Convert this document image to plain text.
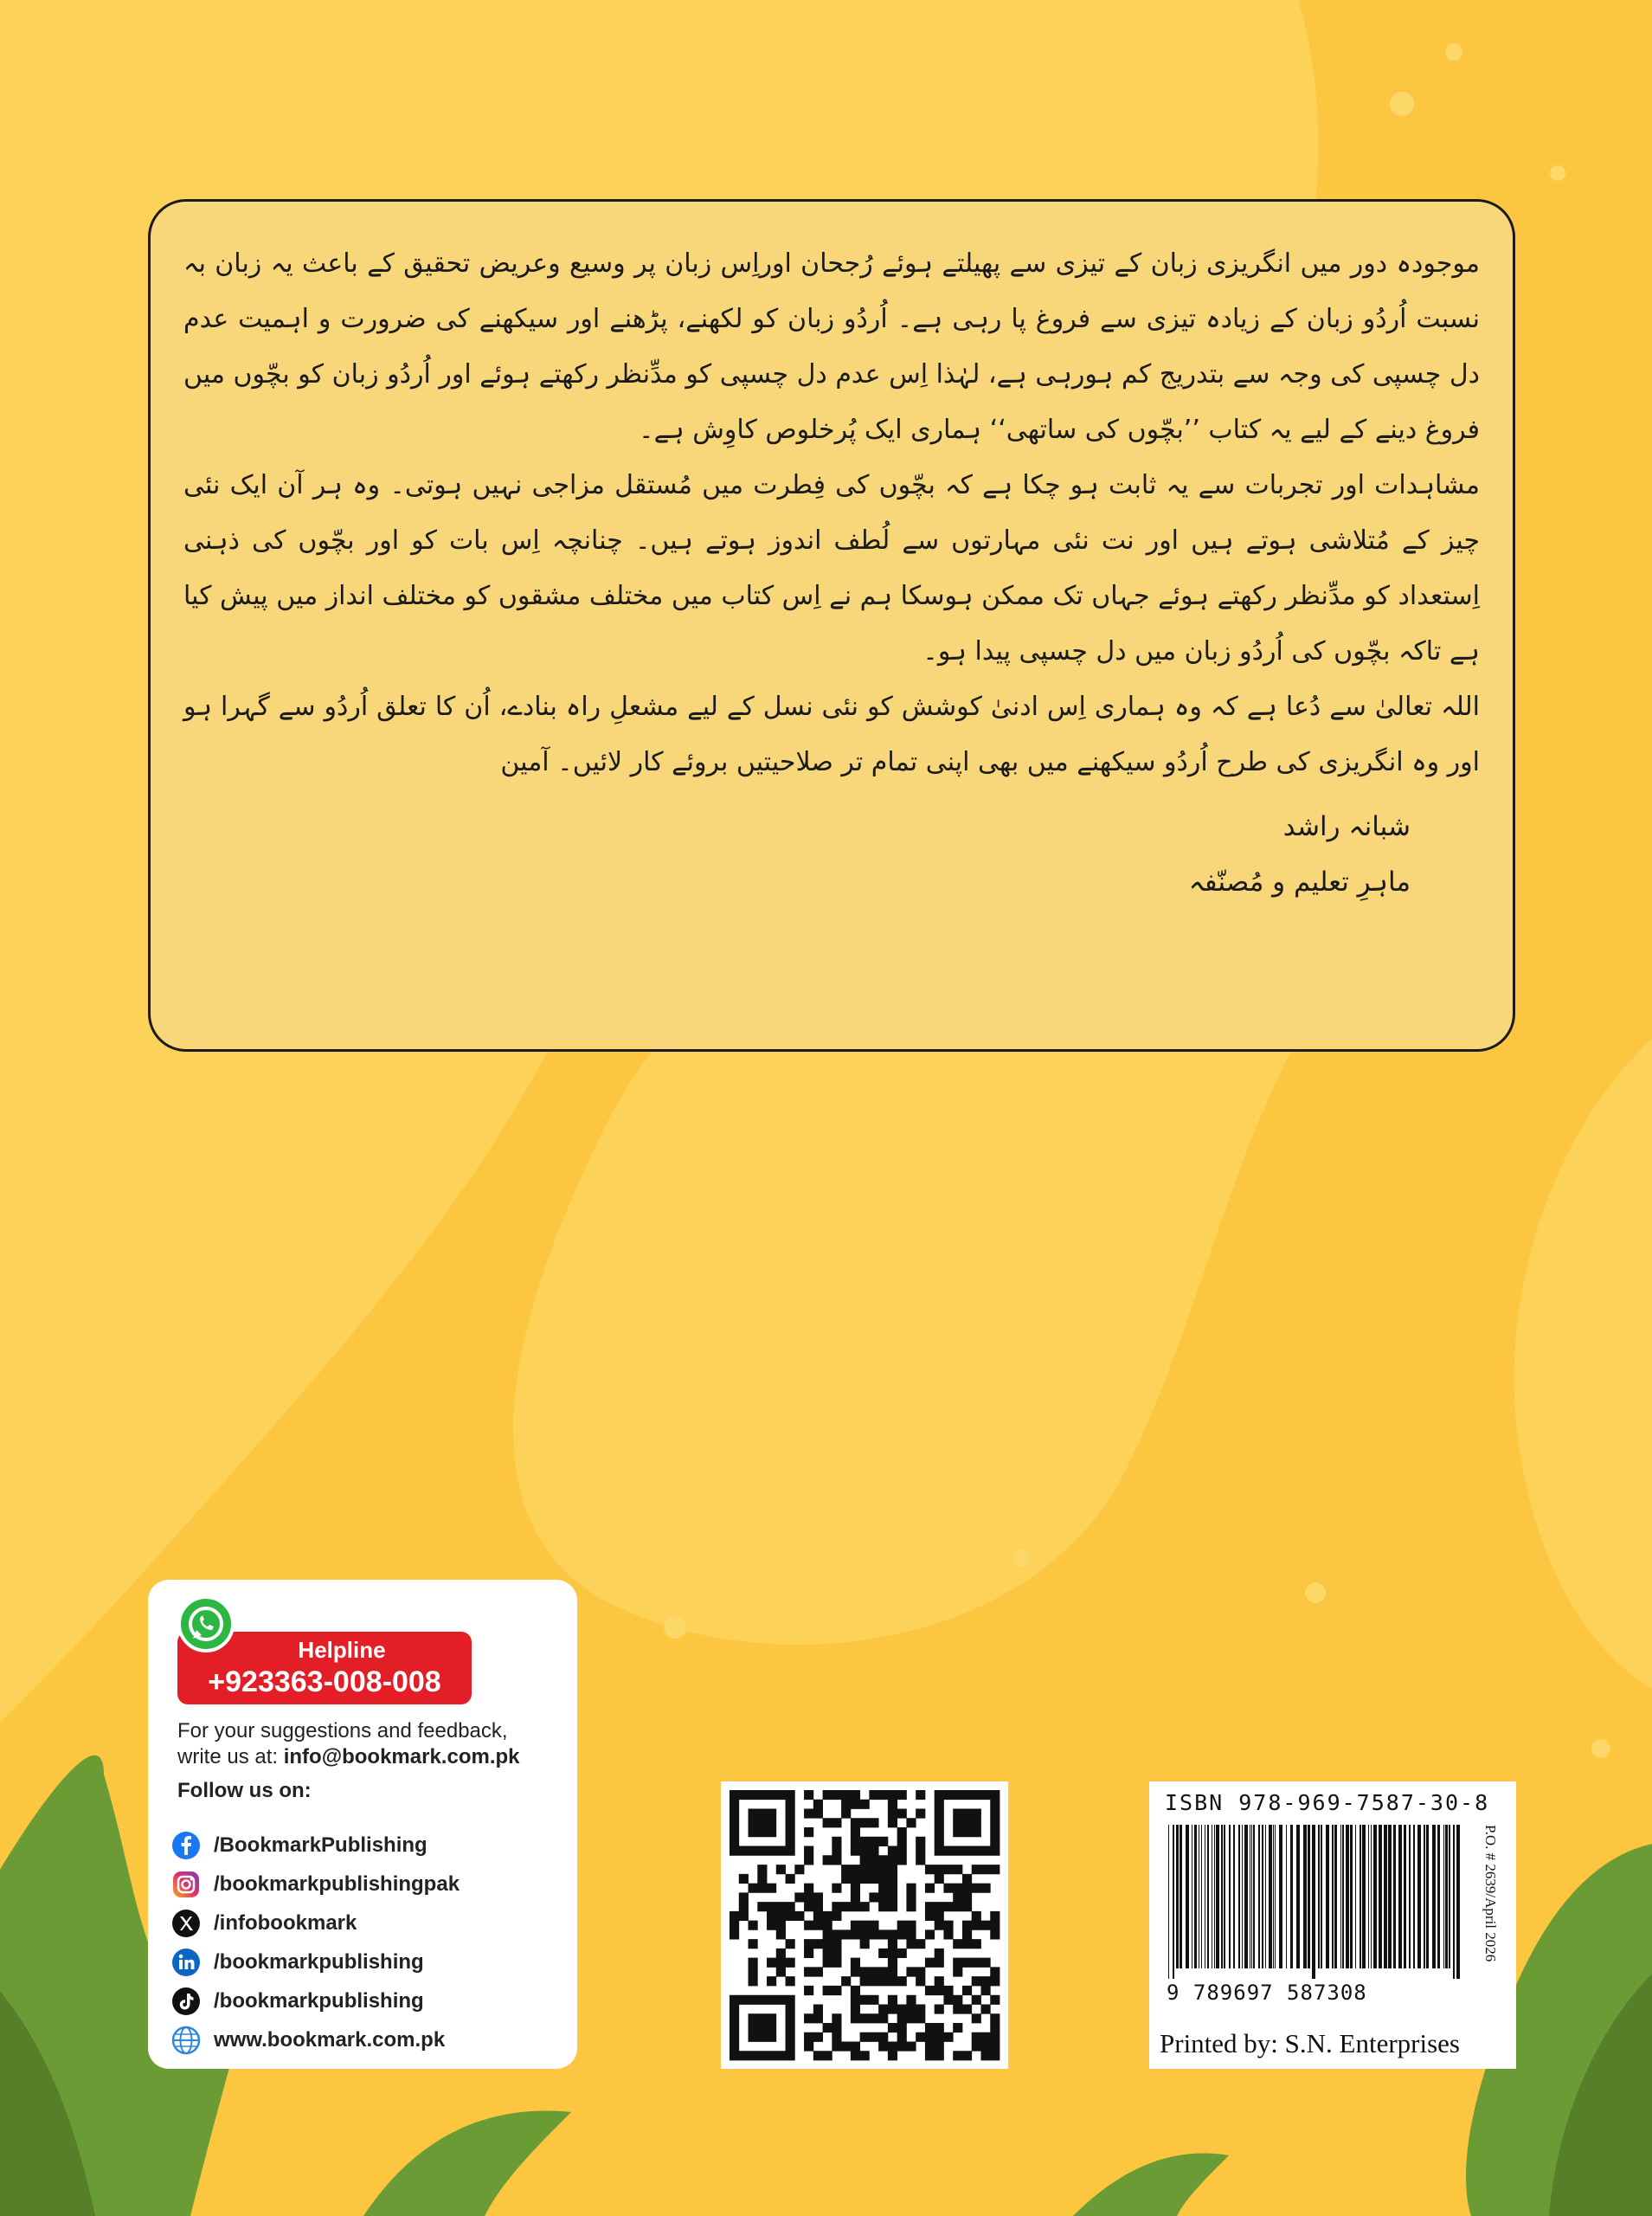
موجودہ دور میں انگریزی زبان کے تیزی سے پھیلتے ہوئے رُجحان اوراِس زبان پر وسیع وعریض تحقیق کے باعث یہ زبان بہ نسبت اُردُو زبان کے زیادہ تیزی سے فروغ پا رہی ہے۔ اُردُو زبان کو لکھنے، پڑھنے اور سیکھنے کی ضرورت و اہمیت عدم دل چسپی کی وجہ سے بتدریج کم ہورہی ہے، لہٰذا اِس عدم دل چسپی کو مدِّنظر رکھتے ہوئے اور اُردُو زبان کو بچّوں میں فروغ دینے کے لیے یہ کتاب ’’بچّوں کی ساتھی‘‘ ہماری ایک پُرخلوص کاوِش ہے۔

مشاہدات اور تجربات سے یہ ثابت ہو چکا ہے کہ بچّوں کی فِطرت میں مُستقل مزاجی نہیں ہوتی۔ وہ ہر آن ایک نئی چیز کے مُتلاشی ہوتے ہیں اور نت نئی مہارتوں سے لُطف اندوز ہوتے ہیں۔ چنانچہ اِس بات کو اور بچّوں کی ذہنی اِستعداد کو مدِّنظر رکھتے ہوئے جہاں تک ممکن ہوسکا ہم نے اِس کتاب میں مختلف مشقوں کو مختلف انداز میں پیش کیا ہے تاکہ بچّوں کی اُردُو زبان میں دل چسپی پیدا ہو۔

اللہ تعالیٰ سے دُعا ہے کہ وہ ہماری اِس ادنیٰ کوشش کو نئی نسل کے لیے مشعلِ راہ بنادے، اُن کا تعلق اُردُو سے گہرا ہو اور وہ انگریزی کی طرح اُردُو سیکھنے میں بھی اپنی تمام تر صلاحیتیں بروئے کار لائیں۔ آمین

شبانہ راشد
ماہرِ تعلیم و مُصنّفہ
Helpline
+923363-008-008
For your suggestions and feedback,
write us at: info@bookmark.com.pk
Follow us on:
/BookmarkPublishing
/bookmarkpublishingpak
/infobookmark
/bookmarkpublishing
/bookmarkpublishing
www.bookmark.com.pk
ISBN 978-969-7587-30-8
9 789697 587308
P.O. # 2639/April 2026
Printed by: S.N. Enterprises
